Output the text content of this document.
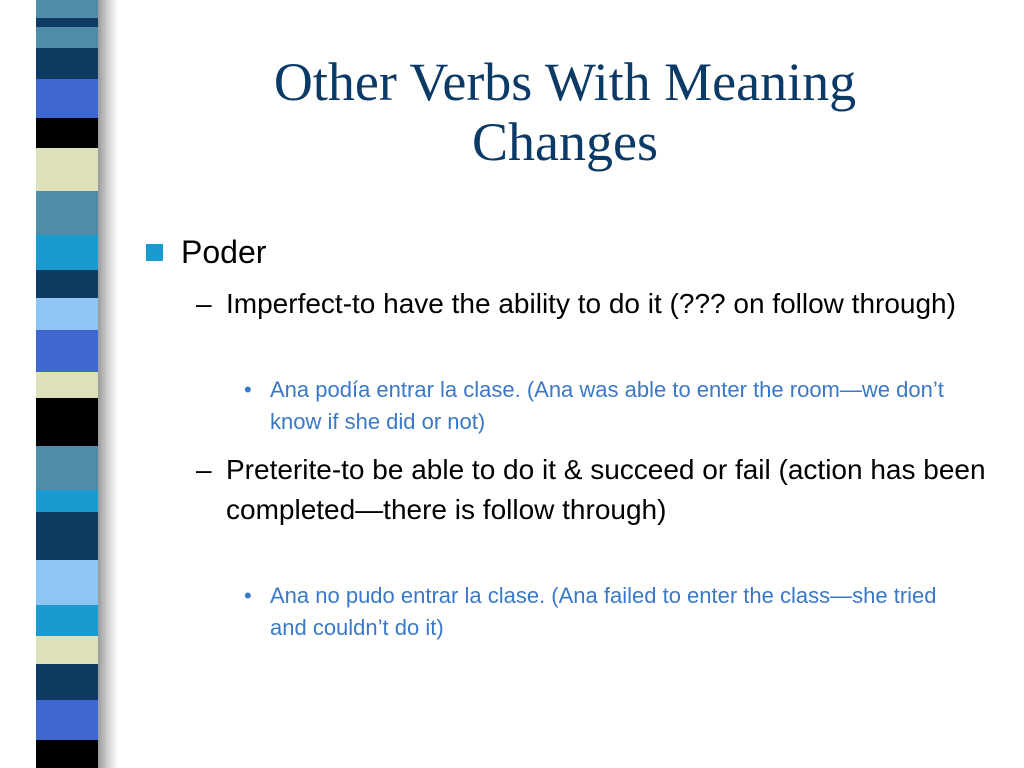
Other Verbs With Meaning
Changes
Poder
– Imperfect-to have the ability to do it (??? on follow through)
• Ana podía entrar la clase. (Ana was able to enter the room—we don’t know if she did or not)
– Preterite-to be able to do it & succeed or fail (action has been completed—there is follow through)
• Ana no pudo entrar la clase. (Ana failed to enter the class—she tried and couldn’t do it)
